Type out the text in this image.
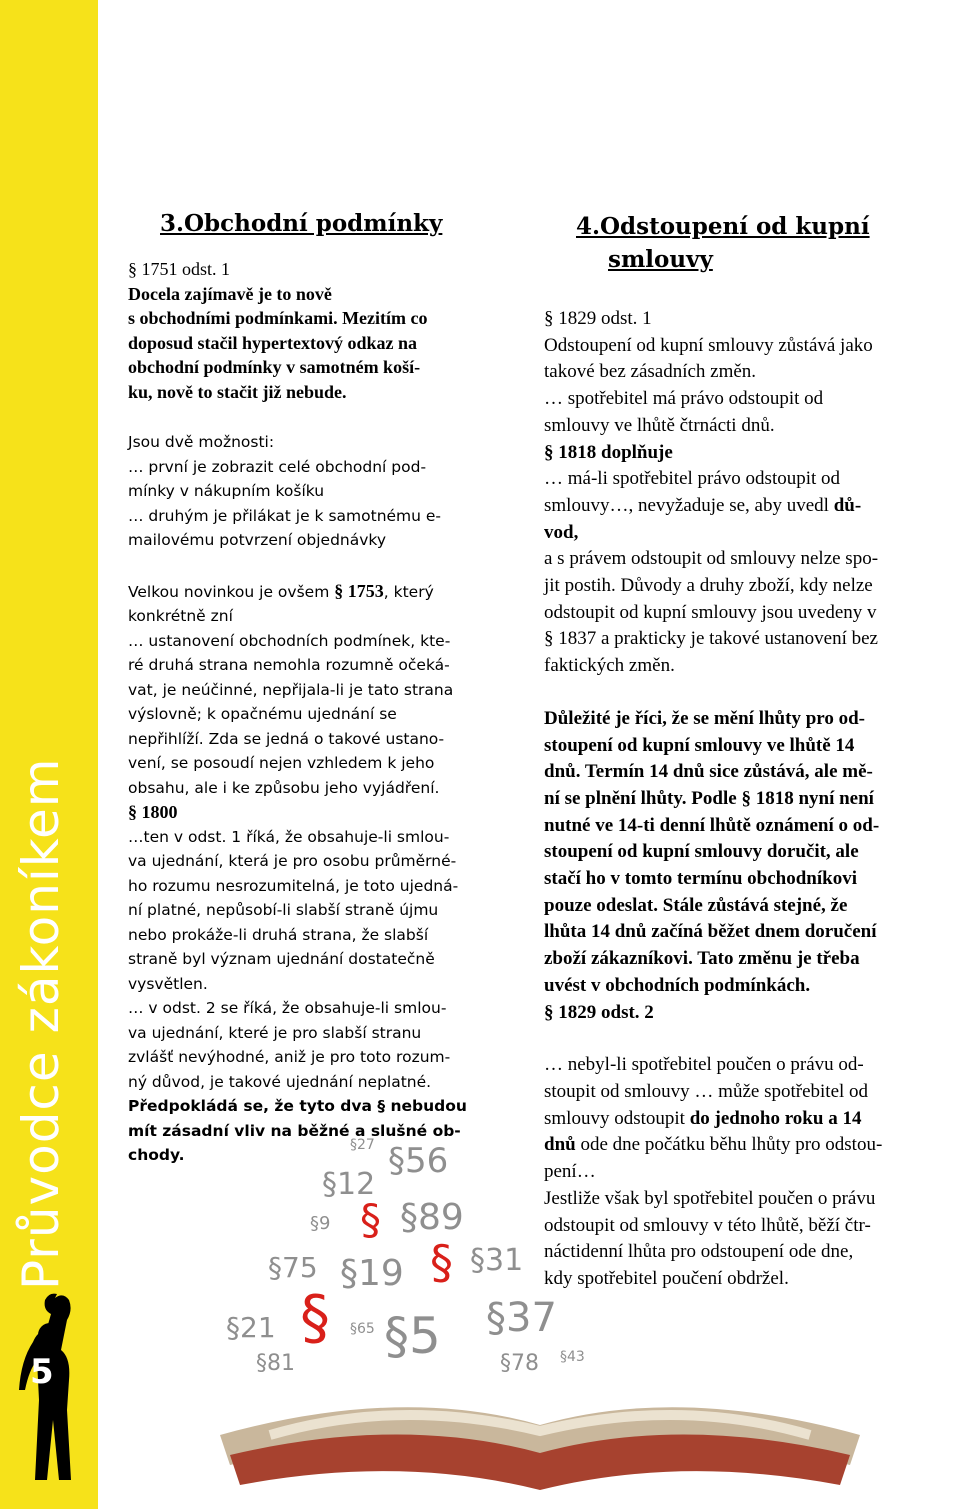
Průvodce zákoníkem
5
§56
§27
§12
§ §89
§9
§75 §19 § §31
§	§37
§21	§65 §5
§81	§78 §43
3.Obchodní podmínky

§ 1751 odst. 1

Docela zajímavě je to nově
s obchodními podmínkami. Mezitím co
doposud stačil hypertextový odkaz na
obchodní podmínky v samotném koší-
ku, nově to stačit již nebude.
Jsou dvě možnosti:
… první je zobrazit celé obchodní pod-
mínky v nákupním košíku
… druhým je přilákat je k samotnému e-
mailovému potvrzení objednávky
Velkou novinkou je ovšem § 1753, který
konkrétně zní
… ustanovení obchodních podmínek, kte-
ré druhá strana nemohla rozumně očeká-
vat, je neúčinné, nepřijala-li je tato strana
výslovně; k opačnému ujednání se
nepřihlíží. Zda se jedná o takové ustano-
vení, se posoudí nejen vzhledem k jeho
obsahu, ale i ke způsobu jeho vyjádření.

§ 1800

…ten v odst. 1 říká, že obsahuje-li smlou-
va ujednání, která je pro osobu průměrné-
ho rozumu nesrozumitelná, je toto ujedná-
ní platné, nepůsobí-li slabší straně újmu
nebo prokáže-li druhá strana, že slabší
straně byl význam ujednání dostatečně
vysvětlen.
… v odst. 2 se říká, že obsahuje-li smlou-
va ujednání, které je pro slabší stranu
zvlášť nevýhodné, aniž je pro toto rozum-
ný důvod, je takové ujednání neplatné.
Předpokládá se, že tyto dva § nebudou
mít zásadní vliv na běžné a slušné ob-
chody.
4.Odstoupení od kupní
smlouvy
§ 1829 odst. 1
Odstoupení od kupní smlouvy zůstává jako
takové bez zásadních změn.
… spotřebitel má právo odstoupit od
smlouvy ve lhůtě čtrnácti dnů.
§ 1818 doplňuje
… má-li spotřebitel právo odstoupit od
smlouvy…, nevyžaduje se, aby uvedl dů-
vod,
a s právem odstoupit od smlouvy nelze spo-
jit postih. Důvody a druhy zboží, kdy nelze
odstoupit od kupní smlouvy jsou uvedeny v
§ 1837 a prakticky je takové ustanovení bez
faktických změn.
Důležité je říci, že se mění lhůty pro od-
stoupení od kupní smlouvy ve lhůtě 14
dnů. Termín 14 dnů sice zůstává, ale mě-
ní se plnění lhůty. Podle § 1818 nyní není
nutné ve 14-ti denní lhůtě oznámení o od-
stoupení od kupní smlouvy doručit, ale
stačí ho v tomto termínu obchodníkovi
pouze odeslat. Stále zůstává stejné, že
lhůta 14 dnů začíná běžet dnem doručení
zboží zákazníkovi. Tato změnu je třeba
uvést v obchodních podmínkách.
§ 1829 odst. 2
… nebyl-li spotřebitel poučen o právu od-
stoupit od smlouvy … může spotřebitel od
smlouvy odstoupit do jednoho roku a 14
dnů ode dne počátku běhu lhůty pro odstou-
pení…
Jestliže však byl spotřebitel poučen o právu
odstoupit od smlouvy v této lhůtě, běží čtr-
náctidenní lhůta pro odstoupení ode dne,
kdy spotřebitel poučení obdržel.
